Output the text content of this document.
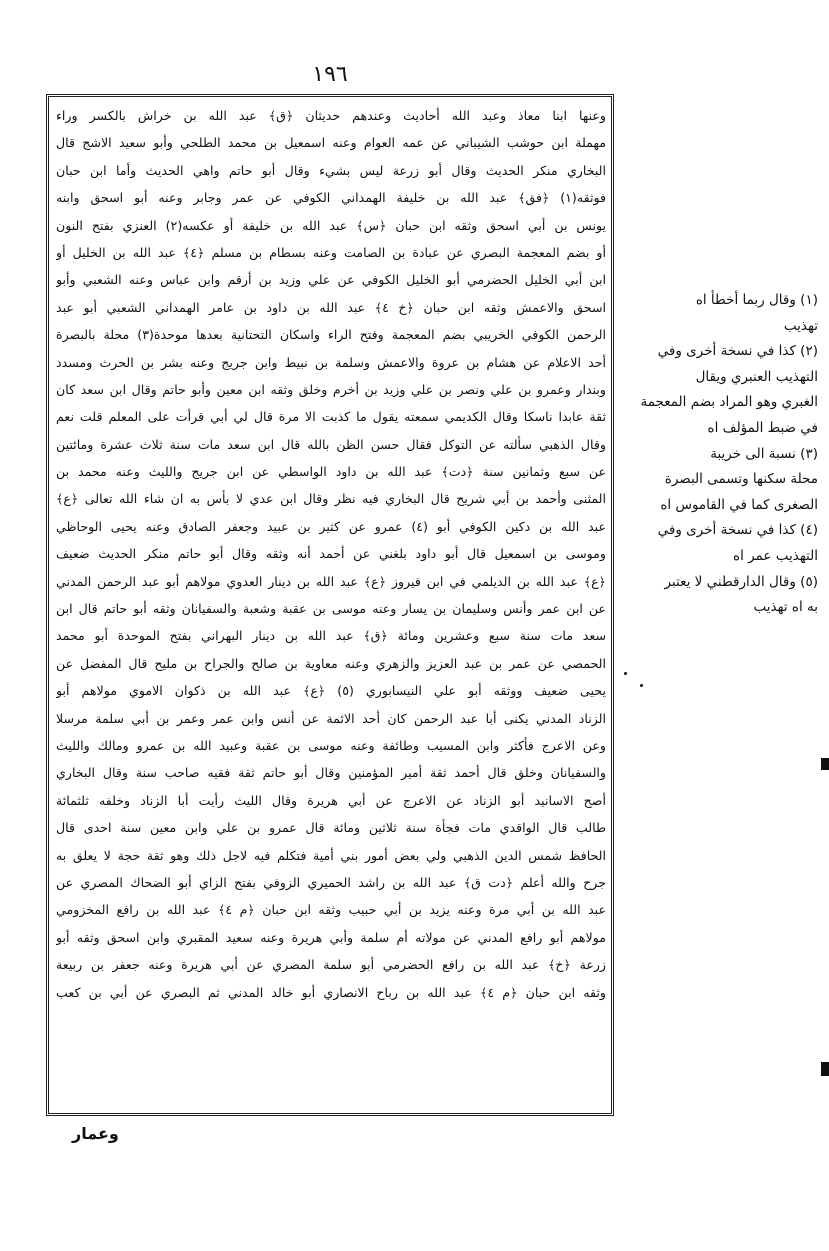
١٩٦
وعنها ابنا معاذ وعبد الله أحاديث وعندهم حديثان ﴿ق﴾ عبد الله بن خراش بالكسر وراء
مهملة ابن حوشب الشيباني عن عمه العوام وعنه اسمعيل بن محمد الطلحي وأبو سعيد الاشج قال
البخاري منكر الحديث وقال أبو زرعة ليس بشيء وقال أبو حاتم واهي الحديث وأما ابن حبان
فوثقه(١) ﴿فق﴾ عبد الله بن خليفة الهمداني الكوفي عن عمر وجابر وعنه أبو اسحق وابنه
يونس بن أبي اسحق وثقه ابن حبان ﴿س﴾ عبد الله بن خليفة أو عكسه(٢) العنزي بفتح النون
أو بضم المعجمة البصري عن عبادة بن الصامت وعنه بسطام بن مسلم ﴿٤﴾ عبد الله بن الخليل أو
ابن أبي الخليل الحضرمي أبو الخليل الكوفي عن علي وزيد بن أرقم وابن عباس وعنه الشعبي وأبو
اسحق والاعمش وثقه ابن حبان ﴿خ ٤﴾ عبد الله بن داود بن عامر الهمداني الشعبي أبو عبد
الرحمن الكوفي الخريبي بضم المعجمة وفتح الراء واسكان التحتانية بعدها موحدة(٣) محلة بالبصرة
أحد الاعلام عن هشام بن عروة والاعمش وسلمة بن نبيط وابن جريج وعنه بشر بن الحرث ومسدد
وبندار وعمرو بن علي ونصر بن علي وزيد بن أخرم وخلق وثقه ابن معين وأبو حاتم وقال ابن سعد كان
ثقة عابدا ناسكا وقال الكديمي سمعته يقول ما كذبت الا مرة قال لي أبي قرأت على المعلم قلت نعم
وقال الذهبي سألته عن التوكل فقال حسن الظن بالله قال ابن سعد مات سنة ثلاث عشرة ومائتين
عن سبع وثمانين سنة ﴿دت﴾ عبد الله بن داود الواسطي عن ابن جريج والليث وعنه محمد بن
المثنى وأحمد بن أبي شريح قال البخاري فيه نظر وقال ابن عدي لا بأس به ان شاء الله تعالى ﴿ع﴾
عبد الله بن دكين الكوفي أبو (٤) عمرو عن كثير بن عبيد وجعفر الصادق وعنه يحيى الوحاظي
وموسى بن اسمعيل قال أبو داود بلغني عن أحمد أنه وثقه وقال أبو حاتم منكر الحديث ضعيف
﴿ع﴾ عبد الله بن الديلمي في ابن فيروز ﴿ع﴾ عبد الله بن دينار العدوي مولاهم أبو عبد الرحمن المدني
عن ابن عمر وأنس وسليمان بن يسار وعنه موسى بن عقبة وشعبة والسفيانان وثقه أبو حاتم قال ابن
سعد مات سنة سبع وعشرين ومائة ﴿ق﴾ عبد الله بن دينار البهراني بفتح الموحدة أبو محمد
الحمصي عن عمر بن عبد العزيز والزهري وعنه معاوية بن صالح والجراح بن مليح قال المفضل عن
يحيى ضعيف ووثقه أبو علي النيسابوري (٥) ﴿ع﴾ عبد الله بن ذكوان الاموي مولاهم أبو
الزناد المدني يكنى أبا عبد الرحمن كان أحد الائمة عن أنس وابن عمر وعمر بن أبي سلمة مرسلا
وعن الاعرج فأكثر وابن المسيب وطائفة وعنه موسى بن عقبة وعبيد الله بن عمرو ومالك والليث
والسفيانان وخلق قال أحمد ثقة أمير المؤمنين وقال أبو حاتم ثقة فقيه صاحب سنة وقال البخاري
أصح الاسانيد أبو الزناد عن الاعرج عن أبي هريرة وقال الليث رأيت أبا الزناد وخلفه ثلثمائة
طالب قال الواقدي مات فجأة سنة ثلاثين ومائة قال عمرو بن علي وابن معين سنة احدى قال
الحافظ شمس الدين الذهبي ولي بعض أمور بني أمية فتكلم فيه لاجل ذلك وهو ثقة حجة لا يعلق به
جرح والله أعلم ﴿دت ق﴾ عبد الله بن راشد الحميري الزوفي بفتح الزاي أبو الضحاك المصري عن
عبد الله بن أبي مرة وعنه يزيد بن أبي حبيب وثقه ابن حبان ﴿م ٤﴾ عبد الله بن رافع المخزومي
مولاهم أبو رافع المدني عن مولاته أم سلمة وأبي هريرة وعنه سعيد المقبري وابن اسحق وثقه أبو
زرعة ﴿خ﴾ عبد الله بن رافع الحضرمي أبو سلمة المصري عن أبي هريرة وعنه جعفر بن ربيعة
وثقه ابن حبان ﴿م ٤﴾ عبد الله بن رباح الانصاري أبو خالد المدني ثم البصري عن أبي بن كعب
(١) وقال ربما أخطأ اه
تهذيب
(٢) كذا في نسخة أخرى وفي
التهذيب العنبري ويقال
الغبري وهو المراد بضم المعجمة
في ضبط المؤلف اه
(٣) نسبة الى خريبة
محلة سكنها وتسمى البصرة
الصغرى كما في القاموس اه
(٤) كذا في نسخة أخرى وفي
التهذيب عمر اه
(٥) وقال الدارقطني لا يعتبر
به اه تهذيب
وعمار
